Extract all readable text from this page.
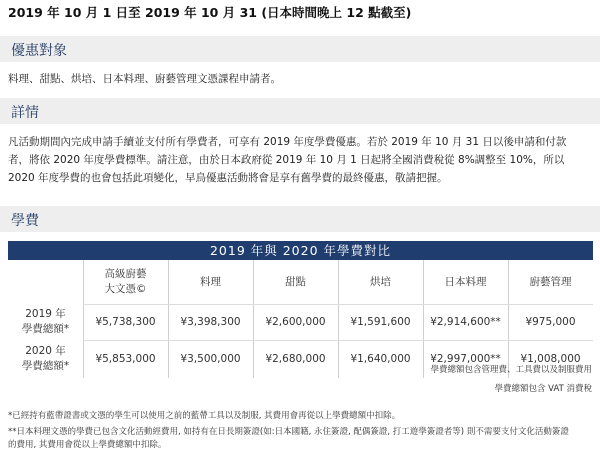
2019 年 10 月 1 日至 2019 年 10 月 31 (日本時間晚上 12 點截至)
優惠對象
料理、甜點、烘培、日本料理、廚藝管理文憑課程申請者。
詳情
凡活動期間內完成申請手續並支付所有學費者，可享有 2019 年度學費優惠。若於 2019 年 10 月 31 日以後申請和付款
者，將依 2020 年度學費標準。請注意，由於日本政府從 2019 年 10 月 1 日起將全國消費稅從 8%調整至 10%，所以
2020 年度學費的也會包括此項變化，早鳥優惠活動將會是享有舊學費的最終優惠，敬請把握。
學費
2019 年與 2020 年學費對比
高級廚藝
大文憑©
料理	甜點	烘培	日本料理	廚藝管理
2019 年
學費總額*
¥5,738,300 ¥3,398,300 ¥2,600,000 ¥1,591,600 ¥2,914,600** ¥975,000
2020 年
學費總額*
¥5,853,000 ¥3,500,000 ¥2,680,000 ¥1,640,000 ¥2,997,000** ¥1,008,000
學費總額包含管理費、工具費以及制服費用
學費總額包含 VAT 消費稅
*已經持有藍帶證書或文憑的學生可以使用之前的藍帶工具以及制服, 其費用會再從以上學費總額中扣除。
**日本料理文憑的學費已包含文化活動經費用, 如持有在日長期簽證(如:日本國籍, 永住簽證, 配偶簽證, 打工遊學簽證者等) 則不需要支付文化活動簽證
的費用, 其費用會從以上學費總額中扣除。
